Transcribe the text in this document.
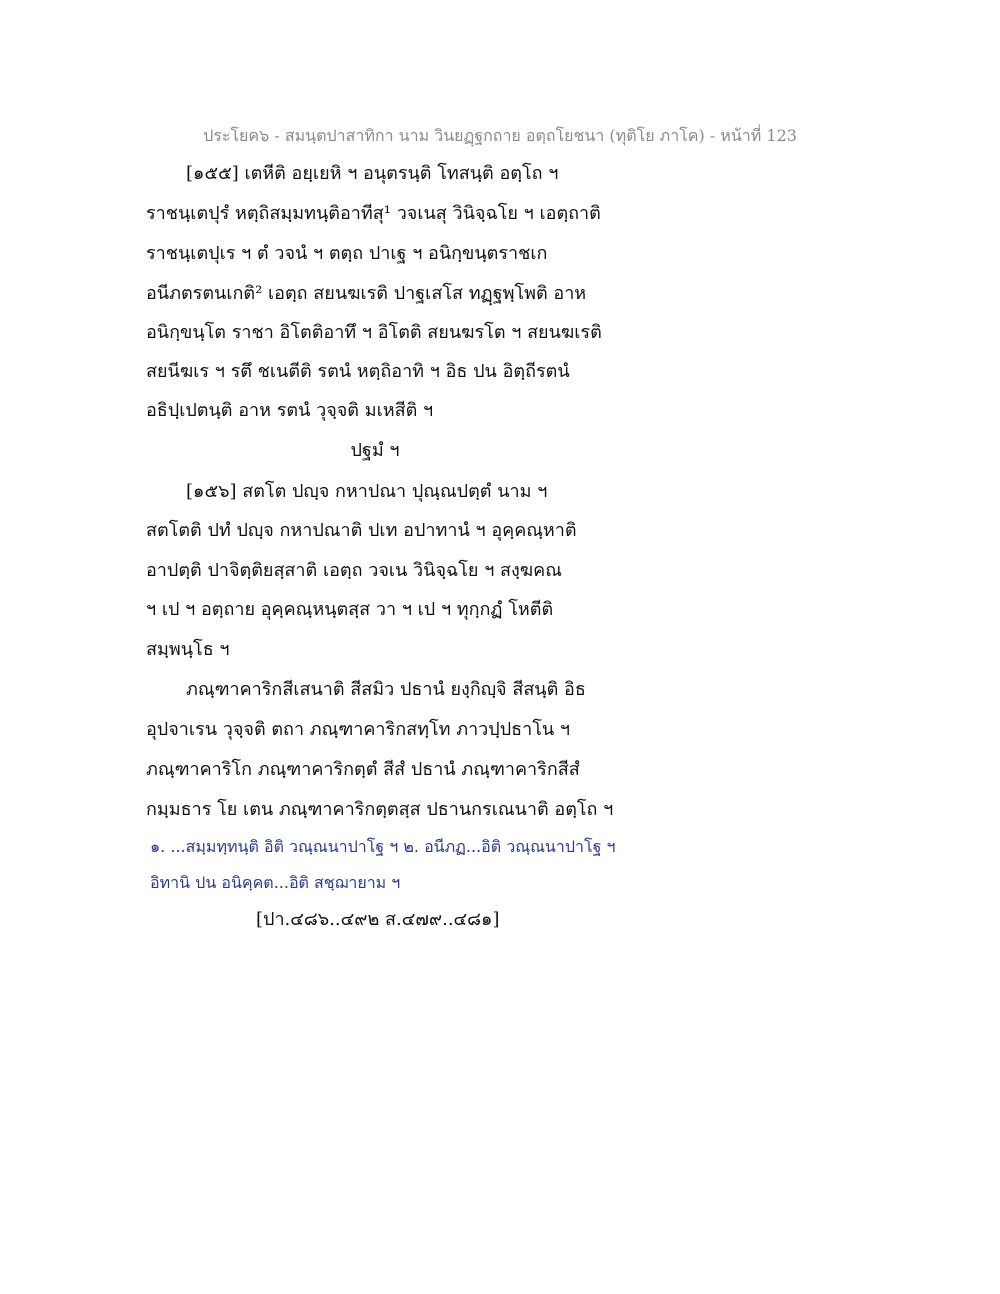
ประโยค๖ - สมนฺตปาสาทิกา นาม วินยฏฺฐกถาย อตฺถโยชนา (ทุติโย ภาโค) - หน้าที่ 123
[๑๕๕] เตหีติ อยฺเยหิ ฯ อนุตรนฺติ โทสนฺติ อตฺโถ ฯ
ราชนฺเตปุรํ หตฺถิสมฺมทนฺติอาทีสุ¹ วจเนสุ วินิจฺฉโย ฯ เอตฺถาติ
ราชนฺเตปุเร ฯ ตํ วจนํ ฯ ตตฺถ ปาเฐ ฯ อนิกฺขนฺตราชเก
อนีภตรตนเกติ² เอตฺถ สยนฆเรติ ปาฐเสโส ทฏฺฐพฺโพติ อาห
อนิกฺขนฺโต ราชา อิโตติอาทึ ฯ อิโตติ สยนฆรโต ฯ สยนฆเรติ
สยนีฆเร ฯ รตึ ชเนตีติ รตนํ หตฺถิอาทิ ฯ อิธ ปน อิตฺถีรตนํ
อธิปฺเปตนฺติ อาห รตนํ วุจฺจติ มเหสีติ ฯ
ปฐมํ ฯ
[๑๕๖] สตโต ปญฺจ กหาปณา ปุณฺณปตฺตํ นาม ฯ
สตโตติ ปทํ ปญฺจ กหาปณาติ ปเท อปาทานํ ฯ อุคฺคณฺหาติ
อาปตฺติ ปาจิตฺติยสฺสาติ เอตฺถ วจเน วินิจฺฉโย ฯ สงฺฆคณ
ฯ เป ฯ อตฺถาย อุคฺคณฺหนฺตสฺส วา ฯ เป ฯ ทุกฺกฏํ โหตีติ
สมฺพนฺโธ ฯ
ภณฺฑาคาริกสีเสนาติ สีสมิว ปธานํ ยงฺกิญฺจิ สีสนฺติ อิธ
อุปจาเรน วุจฺจติ ตถา ภณฺฑาคาริกสทฺโท ภาวปฺปธาโน ฯ
ภณฺฑาคาริโก ภณฺฑาคาริกตฺตํ สีสํ ปธานํ ภณฺฑาคาริกสีสํ
กมฺมธาร โย เตน ภณฺฑาคาริกตฺตสฺส ปธานกรเณนาติ อตฺโถ ฯ
๑. ...สมฺมทฺทนฺติ อิติ วณฺณนาปาโฐ ฯ ๒. อนีภฏ...อิติ วณฺณนาปาโฐ ฯ
อิทานิ ปน อนิคฺคต...อิติ สชฺฌายาม ฯ
[ปา.๔๘๖..๔๙๒ ส.๔๗๙..๔๘๑]
